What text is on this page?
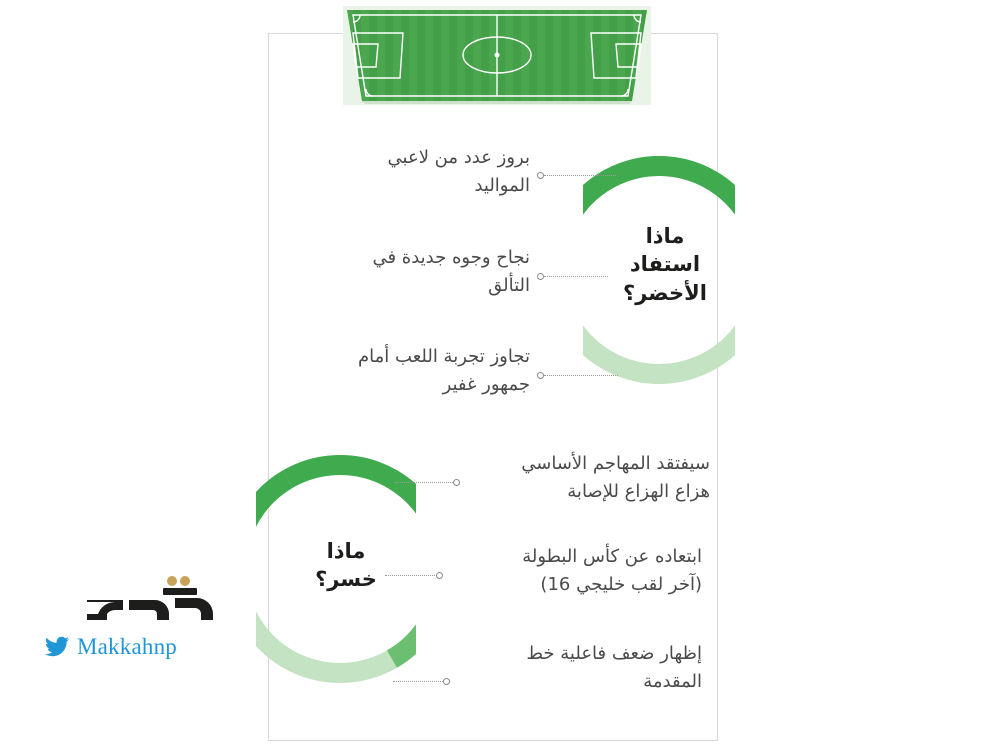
ماذا
استفاد
الأخضر؟
بروز عدد من لاعبي
المواليد
نجاح وجوه جديدة في
التألق
تجاوز تجربة اللعب أمام
جمهور غفير
ماذا
خسر؟
سيفتقد المهاجم الأساسي
هزاع الهزاع للإصابة
ابتعاده عن كأس البطولة
(آخر لقب خليجي 16)
إظهار ضعف فاعلية خط
المقدمة
Makkahnp
